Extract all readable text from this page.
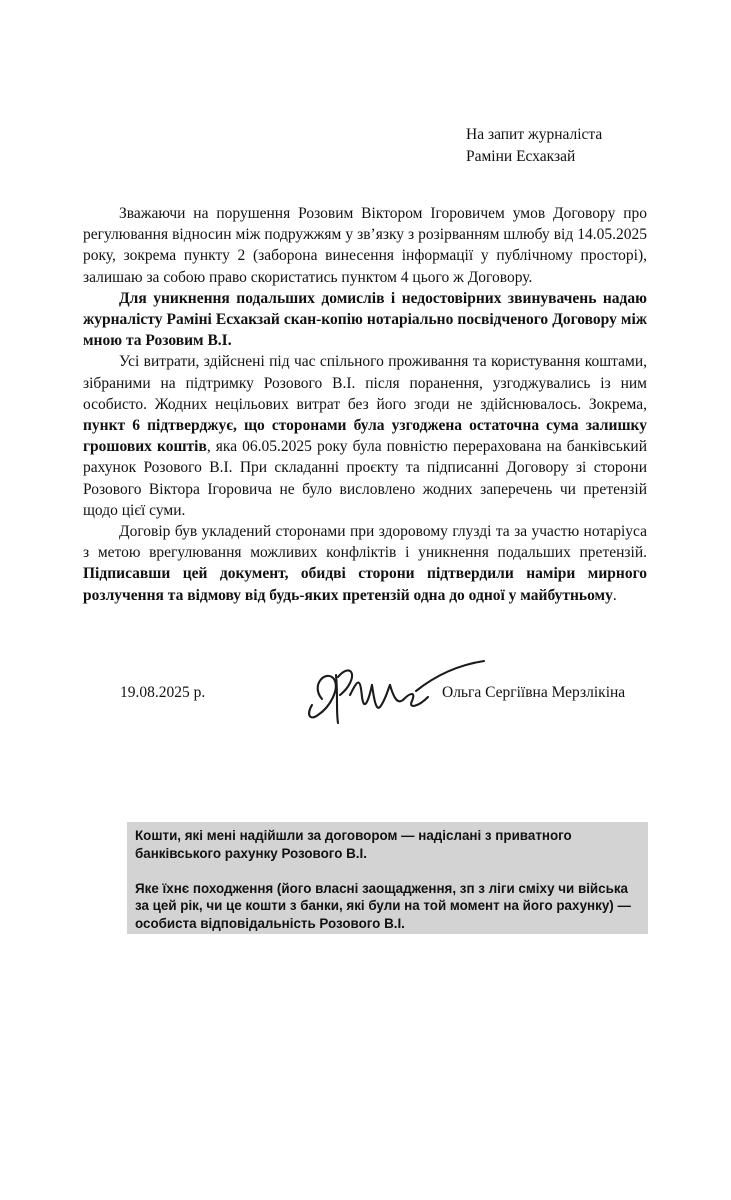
На запит журналіста
Раміни Есхакзай

Зважаючи на порушення Розовим Віктором Ігоровичем умов Договору про регулювання відносин між подружжям у зв’язку з розірванням шлюбу від 14.05.2025 року, зокрема пункту 2 (заборона винесення інформації у публічному просторі), залишаю за собою право скористатись пунктом 4 цього ж Договору.

Для уникнення подальших домислів і недостовірних звинувачень надаю журналісту Раміні Есхакзай скан-копію нотаріально посвідченого Договору між мною та Розовим В.І.

Усі витрати, здійснені під час спільного проживання та користування коштами, зібраними на підтримку Розового В.І. після поранення, узгоджувались із ним особисто. Жодних нецільових витрат без його згоди не здійснювалось. Зокрема, пункт 6 підтверджує, що сторонами була узгоджена остаточна сума залишку грошових коштів, яка 06.05.2025 року була повністю перерахована на банківський рахунок Розового В.І. При складанні проєкту та підписанні Договору зі сторони Розового Віктора Ігоровича не було висловлено жодних заперечень чи претензій щодо цієї суми.

Договір був укладений сторонами при здоровому глузді та за участю нотаріуса з метою врегулювання можливих конфліктів і уникнення подальших претензій. Підписавши цей документ, обидві сторони підтвердили наміри мирного розлучення та відмову від будь-яких претензій одна до одної у майбутньому.

19.08.2025 р.	Ольга Сергіївна Мерзлікіна

Кошти, які мені надійшли за договором — надіслані з приватного банківського рахунку Розового В.І.

Яке їхнє походження (його власні заощадження, зп з ліги сміху чи війська за цей рік, чи це кошти з банки, які були на той момент на його рахунку) — особиста відповідальність Розового В.І.
